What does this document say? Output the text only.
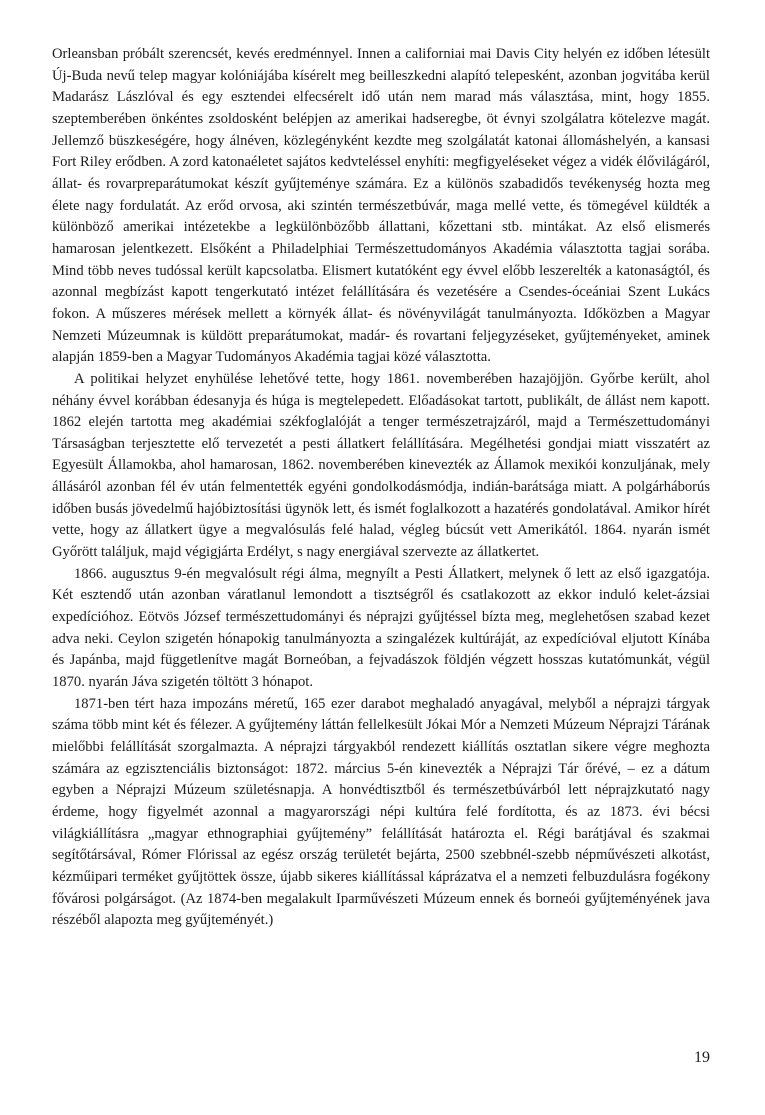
Orleansban próbált szerencsét, kevés eredménnyel. Innen a californiai mai Davis City helyén ez időben létesült Új-Buda nevű telep magyar kolóniájába kísérelt meg beilleszkedni alapító telepesként, azonban jogvitába kerül Madarász Lászlóval és egy esztendei elfecsérelt idő után nem marad más választása, mint, hogy 1855. szeptemberében önkéntes zsoldosként belépjen az amerikai hadseregbe, öt évnyi szolgálatra kötelezve magát. Jellemző büszkeségére, hogy álnéven, közlegényként kezdte meg szolgálatát katonai állomáshelyén, a kansasi Fort Riley erődben. A zord katonaéletet sajátos kedvteléssel enyhíti: megfigyeléseket végez a vidék élővilágáról, állat- és rovarpreparátumokat készít gyűjteménye számára. Ez a különös szabadidős tevékenység hozta meg élete nagy fordulatát. Az erőd orvosa, aki szintén természetbúvár, maga mellé vette, és tömegével küldték a különböző amerikai intézetekbe a legkülönbözőbb állattani, kőzettani stb. mintákat. Az első elismerés hamarosan jelentkezett. Elsőként a Philadelphiai Természettudományos Akadémia választotta tagjai sorába. Mind több neves tudóssal került kapcsolatba. Elismert kutatóként egy évvel előbb leszerelték a katonaságtól, és azonnal megbízást kapott tengerkutató intézet felállítására és vezetésére a Csendes-óceániai Szent Lukács fokon. A műszeres mérések mellett a környék állat- és növényvilágát tanulmányozta. Időközben a Magyar Nemzeti Múzeumnak is küldött preparátumokat, madár- és rovartani feljegyzéseket, gyűjteményeket, aminek alapján 1859-ben a Magyar Tudományos Akadémia tagjai közé választotta.

A politikai helyzet enyhülése lehetővé tette, hogy 1861. novemberében hazajöjjön. Győrbe került, ahol néhány évvel korábban édesanyja és húga is megtelepedett. Előadásokat tartott, publikált, de állást nem kapott. 1862 elején tartotta meg akadémiai székfoglalóját a tenger természetrajzáról, majd a Természettudományi Társaságban terjesztette elő tervezetét a pesti állatkert felállítására. Megélhetési gondjai miatt visszatért az Egyesült Államokba, ahol hamarosan, 1862. novemberében kinevezték az Államok mexikói konzuljának, mely állásáról azonban fél év után felmentették egyéni gondolkodásmódja, indián-barátsága miatt. A polgárháborús időben busás jövedelmű hajóbiztosítási ügynök lett, és ismét foglalkozott a hazatérés gondolatával. Amikor hírét vette, hogy az állatkert ügye a megvalósulás felé halad, végleg búcsút vett Amerikától. 1864. nyarán ismét Győrött találjuk, majd végigjárta Erdélyt, s nagy energiával szervezte az állatkertet.

1866. augusztus 9-én megvalósult régi álma, megnyílt a Pesti Állatkert, melynek ő lett az első igazgatója. Két esztendő után azonban váratlanul lemondott a tisztségről és csatlakozott az ekkor induló kelet-ázsiai expedícióhoz. Eötvös József természettudományi és néprajzi gyűjtéssel bízta meg, meglehetősen szabad kezet adva neki. Ceylon szigetén hónapokig tanulmányozta a szingalézek kultúráját, az expedícióval eljutott Kínába és Japánba, majd függetlenítve magát Borneóban, a fejvadászok földjén végzett hosszas kutatómunkát, végül 1870. nyarán Jáva szigetén töltött 3 hónapot.

1871-ben tért haza impozáns méretű, 165 ezer darabot meghaladó anyagával, melyből a néprajzi tárgyak száma több mint két és félezer. A gyűjtemény láttán fellelkesült Jókai Mór a Nemzeti Múzeum Néprajzi Tárának mielőbbi felállítását szorgalmazta. A néprajzi tárgyakból rendezett kiállítás osztatlan sikere végre meghozta számára az egzisztenciális biztonságot: 1872. március 5-én kinevezték a Néprajzi Tár őrévé, – ez a dátum egyben a Néprajzi Múzeum születésnapja. A honvédtisztből és természetbúvárból lett néprajzkutató nagy érdeme, hogy figyelmét azonnal a magyarországi népi kultúra felé fordította, és az 1873. évi bécsi világkiállításra „magyar ethnographiai gyűjtemény” felállítását határozta el. Régi barátjával és szakmai segítőtársával, Rómer Flórissal az egész ország területét bejárta, 2500 szebbnél-szebb népművészeti alkotást, kézműipari terméket gyűjtöttek össze, újabb sikeres kiállítással káprázatva el a nemzeti felbuzdulásra fogékony fővárosi polgárságot. (Az 1874-ben megalakult Iparművészeti Múzeum ennek és borneói gyűjteményének java részéből alapozta meg gyűjteményét.)

19
